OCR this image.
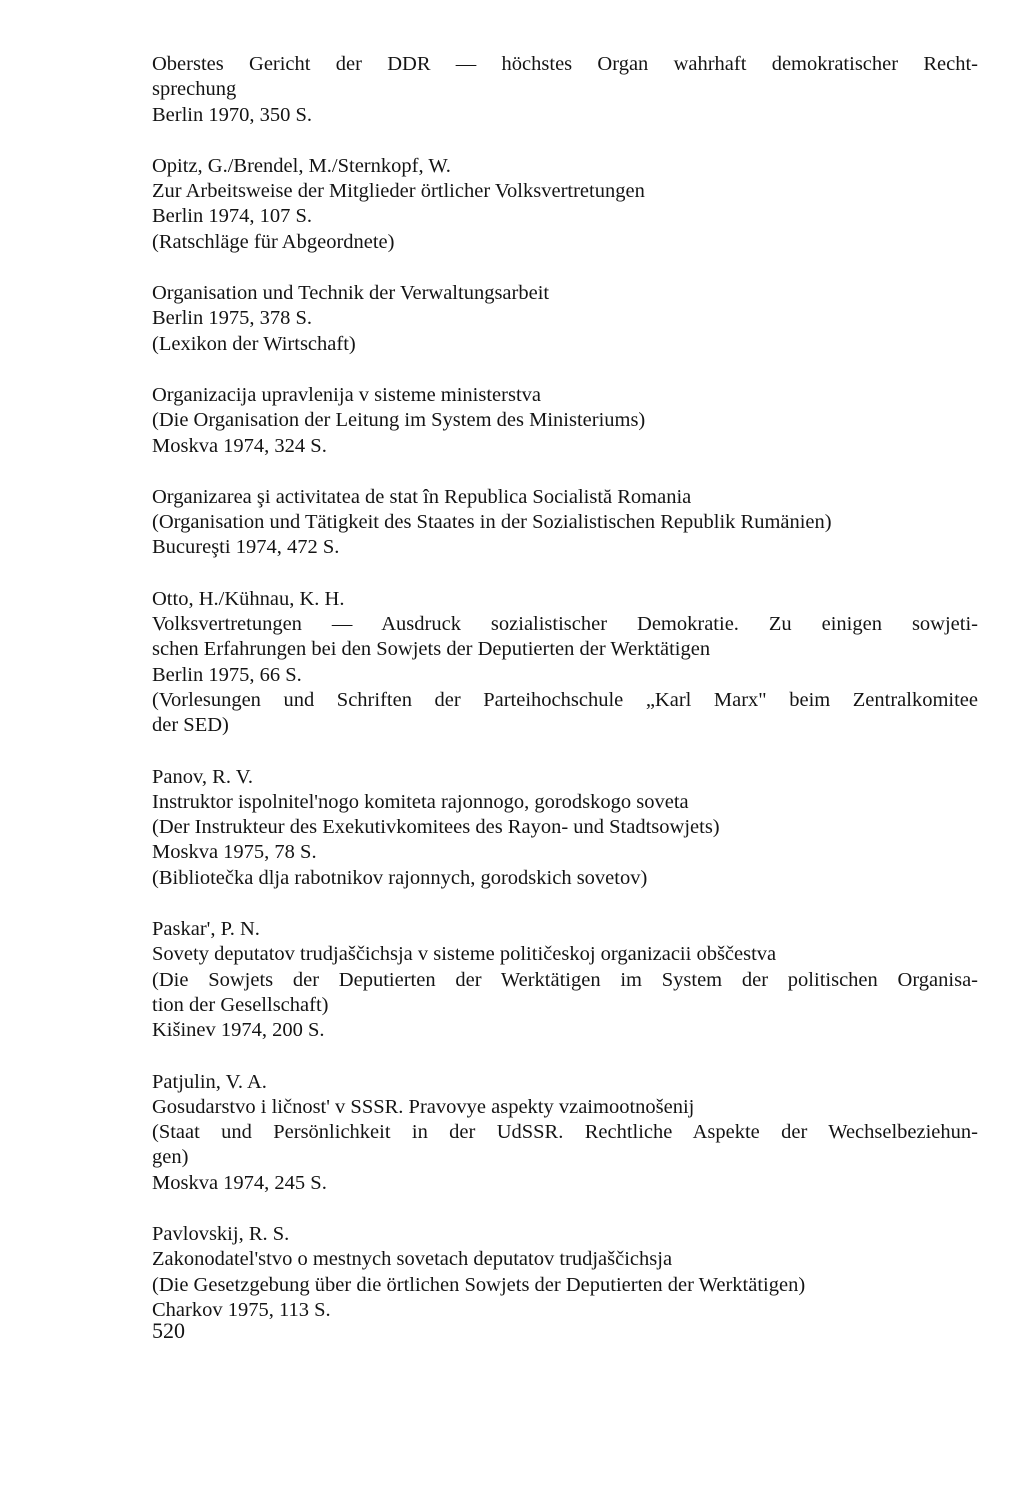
Oberstes Gericht der DDR — höchstes Organ wahrhaft demokratischer Recht-
sprechung
Berlin 1970, 350 S.
Opitz, G./Brendel, M./Sternkopf, W.
Zur Arbeitsweise der Mitglieder örtlicher Volksvertretungen
Berlin 1974, 107 S.
(Ratschläge für Abgeordnete)
Organisation und Technik der Verwaltungsarbeit
Berlin 1975, 378 S.
(Lexikon der Wirtschaft)
Organizacija upravlenija v sisteme ministerstva
(Die Organisation der Leitung im System des Ministeriums)
Moskva 1974, 324 S.
Organizarea şi activitatea de stat în Republica Socialistă Romania
(Organisation und Tätigkeit des Staates in der Sozialistischen Republik Rumänien)
Bucureşti 1974, 472 S.
Otto, H./Kühnau, K. H.
Volksvertretungen — Ausdruck sozialistischer Demokratie. Zu einigen sowjeti-
schen Erfahrungen bei den Sowjets der Deputierten der Werktätigen
Berlin 1975, 66 S.
(Vorlesungen und Schriften der Parteihochschule „Karl Marx" beim Zentralkomitee
der SED)
Panov, R. V.
Instruktor ispolnitel'nogo komiteta rajonnogo, gorodskogo soveta
(Der Instrukteur des Exekutivkomitees des Rayon- und Stadtsowjets)
Moskva 1975, 78 S.
(Bibliotečka dlja rabotnikov rajonnych, gorodskich sovetov)
Paskar', P. N.
Sovety deputatov trudjaščichsja v sisteme političeskoj organizacii obščestva
(Die Sowjets der Deputierten der Werktätigen im System der politischen Organisa-
tion der Gesellschaft)
Kišinev 1974, 200 S.
Patjulin, V. A.
Gosudarstvo i ličnost' v SSSR. Pravovye aspekty vzaimootnošenij
(Staat und Persönlichkeit in der UdSSR. Rechtliche Aspekte der Wechselbeziehun-
gen)
Moskva 1974, 245 S.
Pavlovskij, R. S.
Zakonodatel'stvo o mestnych sovetach deputatov trudjaščichsja
(Die Gesetzgebung über die örtlichen Sowjets der Deputierten der Werktätigen)
Charkov 1975, 113 S.
520
